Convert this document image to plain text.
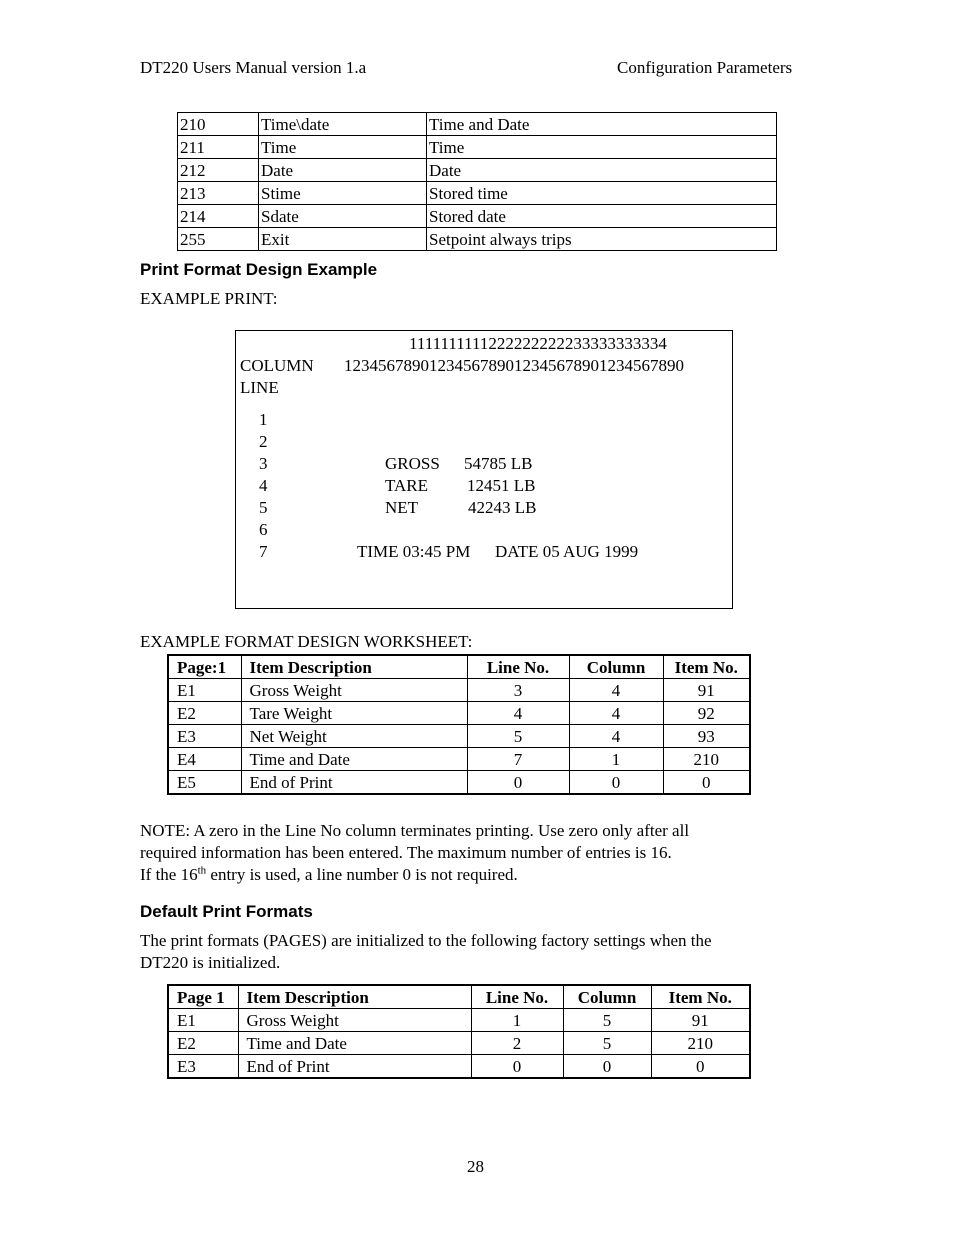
DT220 Users Manual version 1.a	Configuration Parameters
210	Time\date	Time and Date
211	Time	Time
212	Date	Date
213	Stime	Stored time
214	Sdate	Stored date
255	Exit	Setpoint always trips
Print Format Design Example
EXAMPLE PRINT:
1111111111222222222233333333334
COLUMN 1234567890123456789012345678901234567890
LINE
1
2
3
4
5
6
7
GROSS 54785 LB
TARE 12451 LB
NET	42243 LB
TIME 03:45 PM DATE 05 AUG 1999
EXAMPLE FORMAT DESIGN WORKSHEET:
Page:1	Item Description	Line No.	Column	Item No.
E1	Gross Weight	3	4	91
E2	Tare Weight	4	4	92
E3	Net Weight	5	4	93
E4	Time and Date	7	1	210
E5	End of Print	0	0	0
NOTE: A zero in the Line No column terminates printing. Use zero only after all
required information has been entered. The maximum number of entries is 16.
If the 16th entry is used, a line number 0 is not required.
Default Print Formats
The print formats (PAGES) are initialized to the following factory settings when the
DT220 is initialized.
Page 1	Item Description	Line No.	Column	Item No.
E1	Gross Weight	1	5	91
E2	Time and Date	2	5	210
E3	End of Print	0	0	0
28
